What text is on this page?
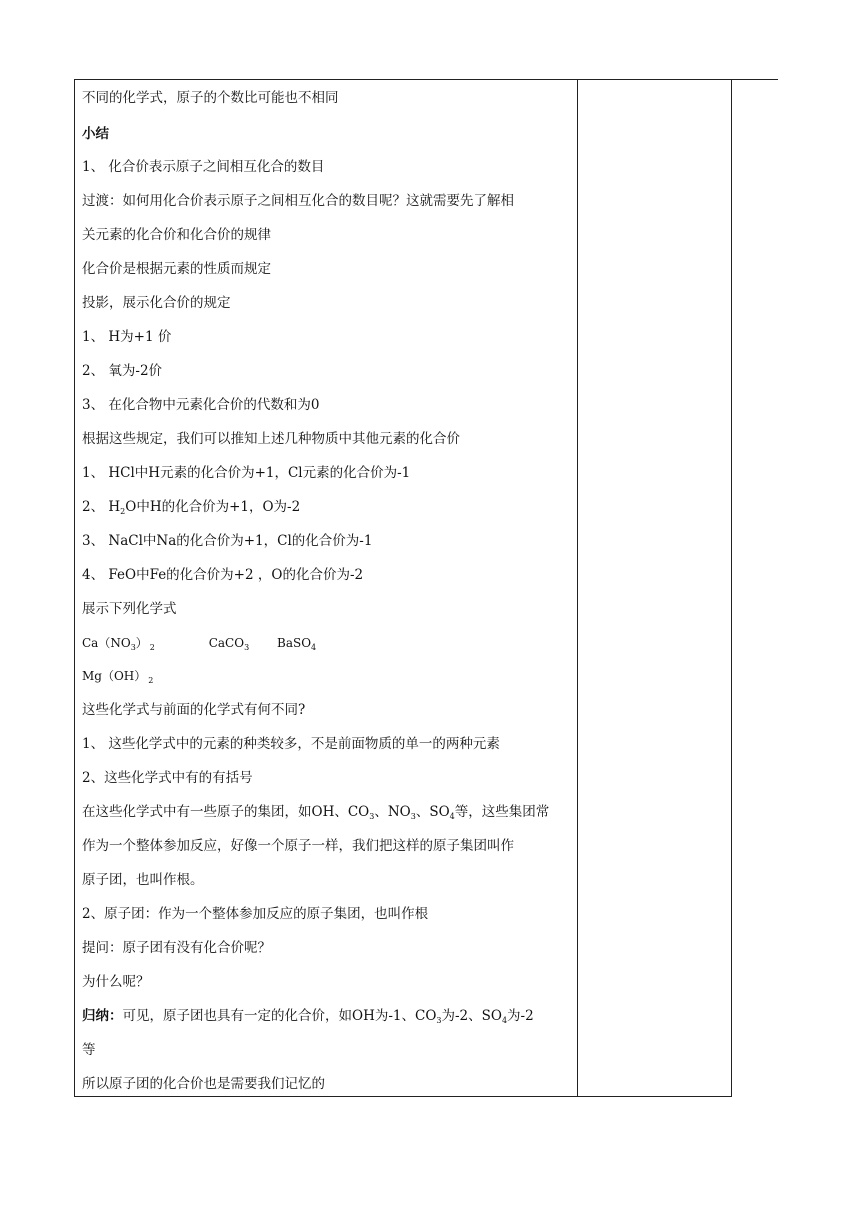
不同的化学式，原子的个数比可能也不相同
小结
1、 化合价表示原子之间相互化合的数目
过渡：如何用化合价表示原子之间相互化合的数目呢？这就需要先了解相
关元素的化合价和化合价的规律
化合价是根据元素的性质而规定
投影，展示化合价的规定
1、 H为+1 价
2、 氧为-2价
3、 在化合物中元素化合价的代数和为0
根据这些规定，我们可以推知上述几种物质中其他元素的化合价
1、 HCl中H元素的化合价为+1，Cl元素的化合价为-1
2、 $H_2O$中H的化合价为+1，O为-2
3、 NaCl中Na的化合价为+1，Cl的化合价为-1
4、 FeO中Fe的化合价为+2 ，O的化合价为-2
展示下列化学式
$Ca(NO_3)$ $_2$	CaCO$_3$ BaSO$_4$
Mg（OH） $_2$
这些化学式与前面的化学式有何不同?
1、 这些化学式中的元素的种类较多，不是前面物质的单一的两种元素
2、这些化学式中有的有括号
在这些化学式中有一些原子的集团，如OH、$CO_3$、$NO_3$、$SO_4$等，这些集团常
作为一个整体参加反应，好像一个原子一样，我们把这样的原子集团叫作
原子团，也叫作根。
2、原子团：作为一个整体参加反应的原子集团，也叫作根
提问：原子团有没有化合价呢？
为什么呢？
归纳：可见，原子团也具有一定的化合价，如OH为-1、$CO_3$为-2、$SO_4$为-2
等
所以原子团的化合价也是需要我们记忆的
